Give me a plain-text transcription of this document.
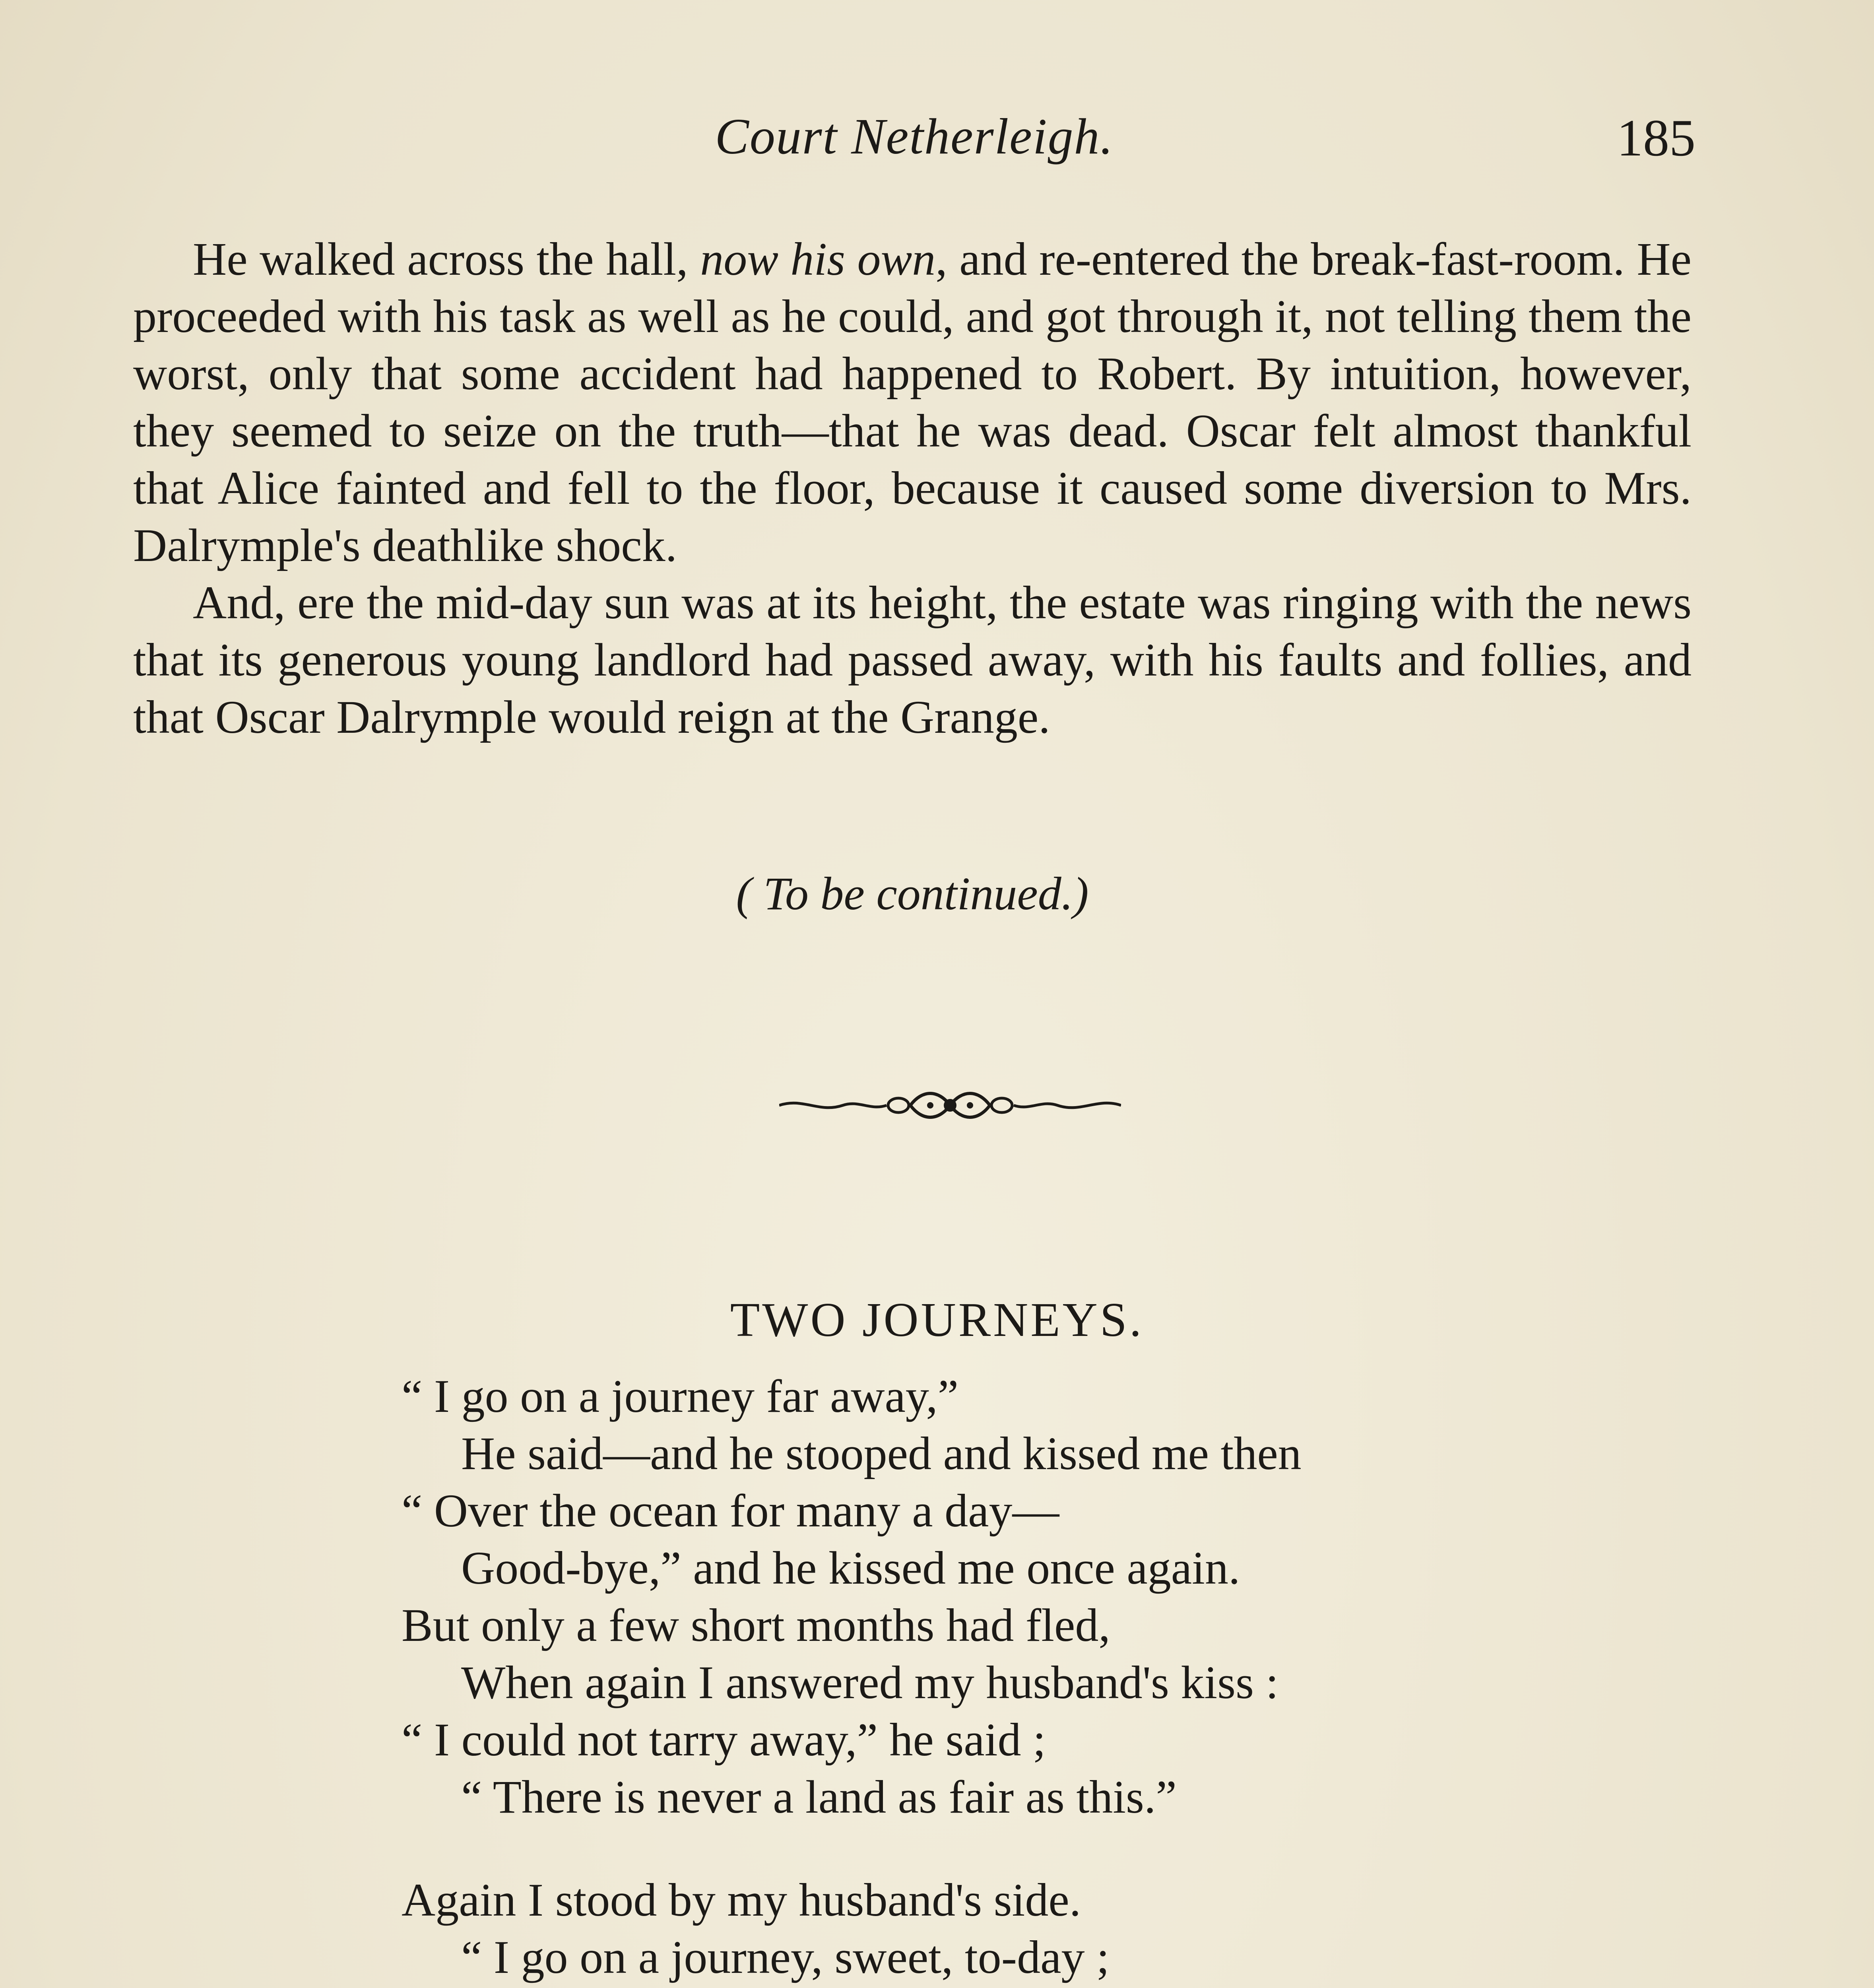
Court Netherleigh.	185

He walked across the hall, now his own, and re-entered the break-fast-room. He proceeded with his task as well as he could, and got through it, not telling them the worst, only that some accident had happened to Robert. By intuition, however, they seemed to seize on the truth—that he was dead. Oscar felt almost thankful that Alice fainted and fell to the floor, because it caused some diversion to Mrs. Dalrymple's deathlike shock.

And, ere the mid-day sun was at its height, the estate was ringing with the news that its generous young landlord had passed away, with his faults and follies, and that Oscar Dalrymple would reign at the Grange.

( To be continued.)
TWO JOURNEYS.
“ I go on a journey far away,”
He said—and he stooped and kissed me then
“ Over the ocean for many a day—
Good-bye,” and he kissed me once again.
But only a few short months had fled,
When again I answered my husband's kiss :
“ I could not tarry away,” he said ;
“ There is never a land as fair as this.”
Again I stood by my husband's side.
“ I go on a journey, sweet, to-day ;
